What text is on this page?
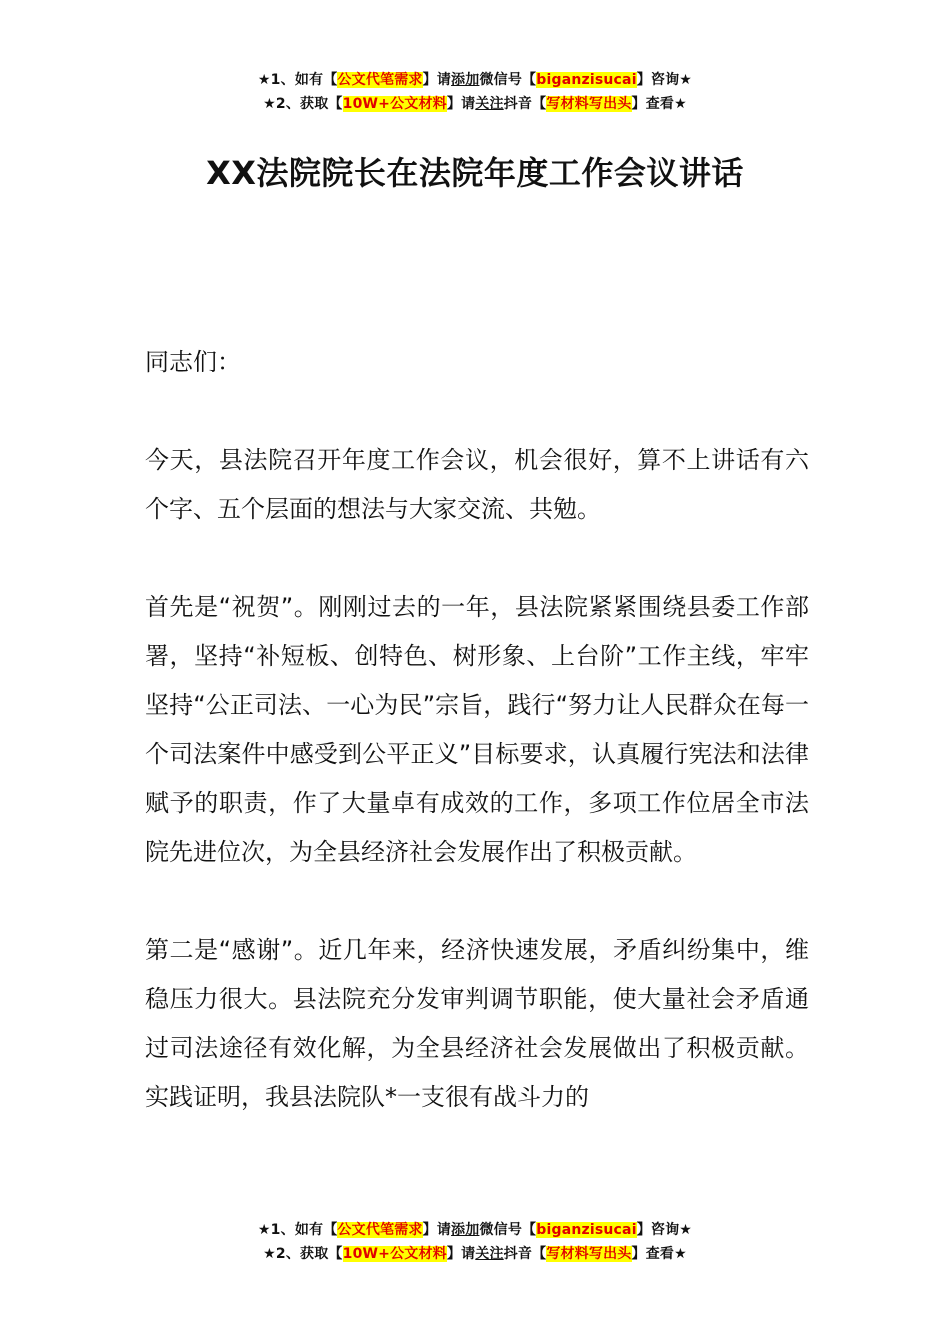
★1、如有【公文代笔需求】请添加微信号【biganzisucai】咨询★
★2、获取【10W+公文材料】请关注抖音【写材料写出头】查看★
XX法院院长在法院年度工作会议讲话

同志们：

今天，县法院召开年度工作会议，机会很好，算不上讲话有六个字、五个层面的想法与大家交流、共勉。

首先是“祝贺”。刚刚过去的一年，县法院紧紧围绕县委工作部署，坚持“补短板、创特色、树形象、上台阶”工作主线，牢牢坚持“公正司法、一心为民”宗旨，践行“努力让人民群众在每一个司法案件中感受到公平正义”目标要求，认真履行宪法和法律赋予的职责，作了大量卓有成效的工作，多项工作位居全市法院先进位次，为全县经济社会发展作出了积极贡献。

第二是“感谢”。近几年来，经济快速发展，矛盾纠纷集中，维稳压力很大。县法院充分发审判调节职能，使大量社会矛盾通过司法途径有效化解，为全县经济社会发展做出了积极贡献。实践证明，我县法院队*一支很有战斗力的

★1、如有【公文代笔需求】请添加微信号【biganzisucai】咨询★
★2、获取【10W+公文材料】请关注抖音【写材料写出头】查看★
